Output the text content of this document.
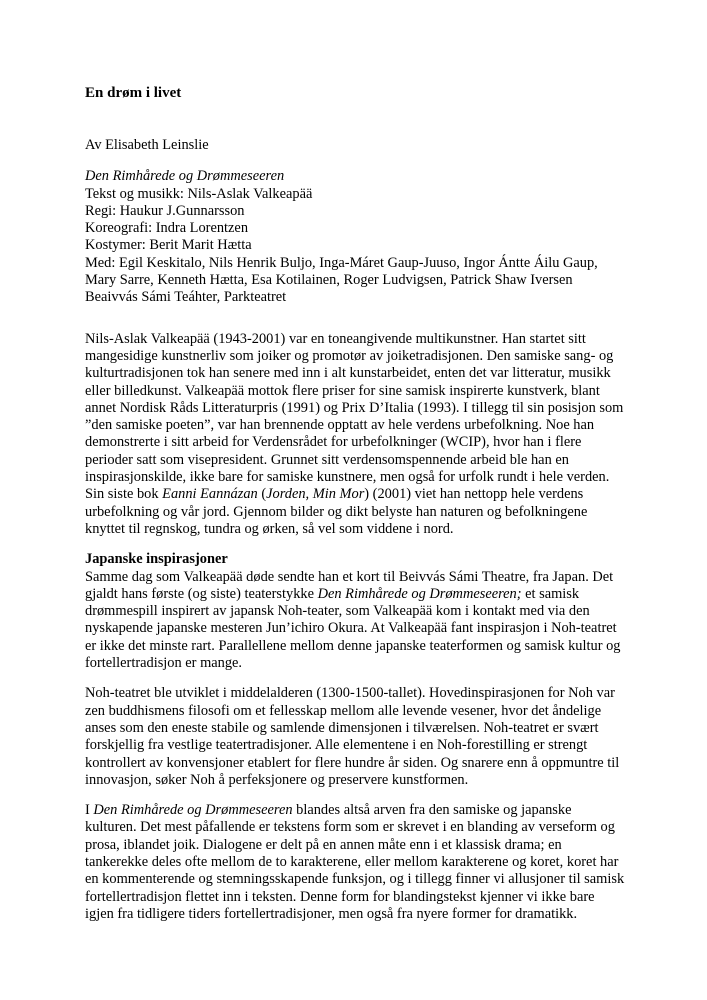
En drøm i livet

Av Elisabeth Leinslie

Den Rimhårede og Drømmeseeren
Tekst og musikk: Nils-Aslak Valkeapää
Regi: Haukur J.Gunnarsson
Koreografi: Indra Lorentzen
Kostymer: Berit Marit Hætta
Med: Egil Keskitalo, Nils Henrik Buljo, Inga-Máret Gaup-Juuso, Ingor Ántte Áilu Gaup, Mary Sarre, Kenneth Hætta, Esa Kotilainen, Roger Ludvigsen, Patrick Shaw Iversen
Beaivvás Sámi Teáhter, Parkteatret

Nils-Aslak Valkeapää (1943-2001) var en toneangivende multikunstner. Han startet sitt mangesidige kunstnerliv som joiker og promotør av joiketradisjonen. Den samiske sang- og kulturtradisjonen tok han senere med inn i alt kunstarbeidet, enten det var litteratur, musikk eller billedkunst. Valkeapää mottok flere priser for sine samisk inspirerte kunstverk, blant annet Nordisk Råds Litteraturpris (1991) og Prix D’Italia (1993). I tillegg til sin posisjon som ”den samiske poeten”, var han brennende opptatt av hele verdens urbefolkning. Noe han demonstrerte i sitt arbeid for Verdensrådet for urbefolkninger (WCIP), hvor han i flere perioder satt som visepresident. Grunnet sitt verdensomspennende arbeid ble han en inspirasjonskilde, ikke bare for samiske kunstnere, men også for urfolk rundt i hele verden. Sin siste bok Eanni Eannázan (Jorden, Min Mor) (2001) viet han nettopp hele verdens urbefolkning og vår jord. Gjennom bilder og dikt belyste han naturen og befolkningene knyttet til regnskog, tundra og ørken, så vel som viddene i nord.

Japanske inspirasjoner

Samme dag som Valkeapää døde sendte han et kort til Beivvás Sámi Theatre, fra Japan. Det gjaldt hans første (og siste) teaterstykke Den Rimhårede og Drømmeseeren; et samisk drømmespill inspirert av japansk Noh-teater, som Valkeapää kom i kontakt med via den nyskapende japanske mesteren Jun’ichiro Okura. At Valkeapää fant inspirasjon i Noh-teatret er ikke det minste rart. Parallellene mellom denne japanske teaterformen og samisk kultur og fortellertradisjon er mange.

Noh-teatret ble utviklet i middelalderen (1300-1500-tallet). Hovedinspirasjonen for Noh var zen buddhismens filosofi om et fellesskap mellom alle levende vesener, hvor det åndelige anses som den eneste stabile og samlende dimensjonen i tilværelsen. Noh-teatret er svært forskjellig fra vestlige teatertradisjoner. Alle elementene i en Noh-forestilling er strengt kontrollert av konvensjoner etablert for flere hundre år siden. Og snarere enn å oppmuntre til innovasjon, søker Noh å perfeksjonere og preservere kunstformen.

I Den Rimhårede og Drømmeseeren blandes altså arven fra den samiske og japanske kulturen. Det mest påfallende er tekstens form som er skrevet i en blanding av verseform og prosa, iblandet joik. Dialogene er delt på en annen måte enn i et klassisk drama; en tankerekke deles ofte mellom de to karakterene, eller mellom karakterene og koret, koret har en kommenterende og stemningsskapende funksjon, og i tillegg finner vi allusjoner til samisk fortellertradisjon flettet inn i teksten. Denne form for blandingstekst kjenner vi ikke bare igjen fra tidligere tiders fortellertradisjoner, men også fra nyere former for dramatikk.
